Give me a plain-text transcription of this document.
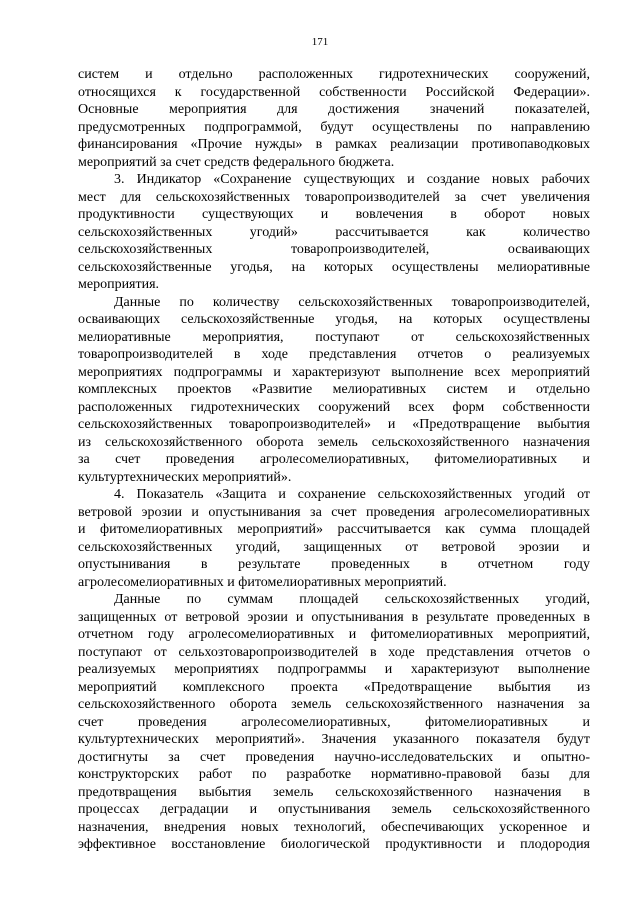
171
систем и отдельно расположенных гидротехнических сооружений,
относящихся к государственной собственности Российской Федерации».
Основные мероприятия для достижения значений показателей,
предусмотренных подпрограммой, будут осуществлены по направлению
финансирования «Прочие нужды» в рамках реализации противопаводковых
мероприятий за счет средств федерального бюджета.
3. Индикатор «Сохранение существующих и создание новых рабочих
мест для сельскохозяйственных товаропроизводителей за счет увеличения
продуктивности существующих и вовлечения в оборот новых
сельскохозяйственных угодий» рассчитывается как количество
сельскохозяйственных товаропроизводителей, осваивающих
сельскохозяйственные угодья, на которых осуществлены мелиоративные
мероприятия.
Данные по количеству сельскохозяйственных товаропроизводителей,
осваивающих сельскохозяйственные угодья, на которых осуществлены
мелиоративные мероприятия, поступают от сельскохозяйственных
товаропроизводителей в ходе представления отчетов о реализуемых
мероприятиях подпрограммы и характеризуют выполнение всех мероприятий
комплексных проектов «Развитие мелиоративных систем и отдельно
расположенных гидротехнических сооружений всех форм собственности
сельскохозяйственных товаропроизводителей» и «Предотвращение выбытия
из сельскохозяйственного оборота земель сельскохозяйственного назначения
за счет проведения агролесомелиоративных, фитомелиоративных и
культуртехнических мероприятий».
4. Показатель «Защита и сохранение сельскохозяйственных угодий от
ветровой эрозии и опустынивания за счет проведения агролесомелиоративных
и фитомелиоративных мероприятий» рассчитывается как сумма площадей
сельскохозяйственных угодий, защищенных от ветровой эрозии и
опустынивания в результате проведенных в отчетном году
агролесомелиоративных и фитомелиоративных мероприятий.
Данные по суммам площадей сельскохозяйственных угодий,
защищенных от ветровой эрозии и опустынивания в результате проведенных в
отчетном году агролесомелиоративных и фитомелиоративных мероприятий,
поступают от сельхозтоваропроизводителей в ходе представления отчетов о
реализуемых мероприятиях подпрограммы и характеризуют выполнение
мероприятий комплексного проекта «Предотвращение выбытия из
сельскохозяйственного оборота земель сельскохозяйственного назначения за
счет проведения агролесомелиоративных, фитомелиоративных и
культуртехнических мероприятий». Значения указанного показателя будут
достигнуты за счет проведения научно-исследовательских и опытно-
конструкторских работ по разработке нормативно-правовой базы для
предотвращения выбытия земель сельскохозяйственного назначения в
процессах деградации и опустынивания земель сельскохозяйственного
назначения, внедрения новых технологий, обеспечивающих ускоренное и
эффективное восстановление биологической продуктивности и плодородия
